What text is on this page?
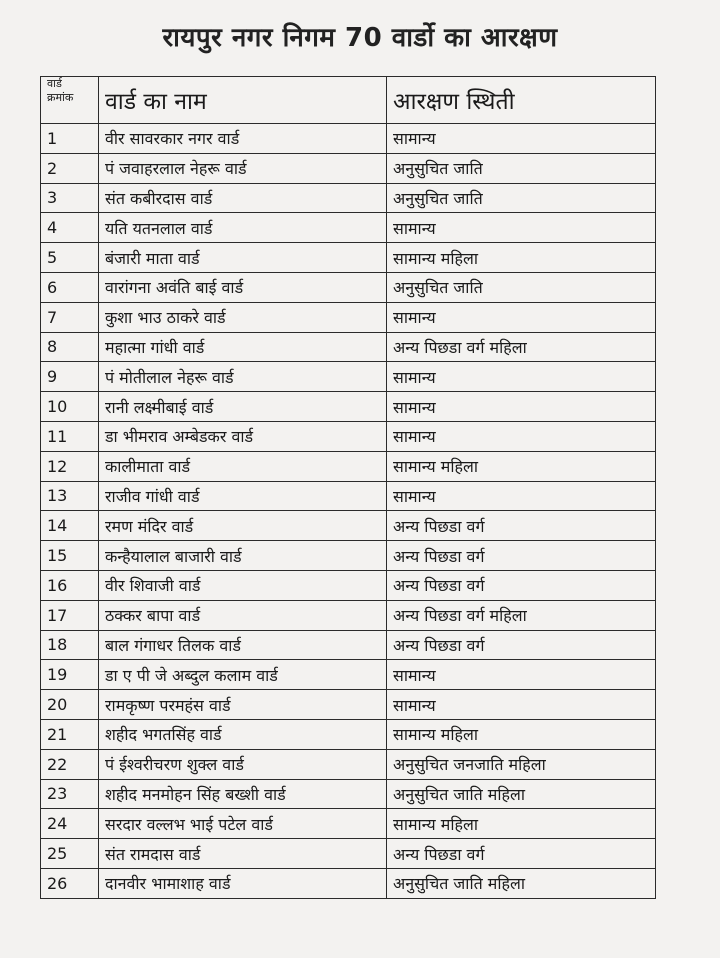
रायपुर नगर निगम 70 वार्डो का आरक्षण
वार्ड
क्रमांक	वार्ड का नाम	आरक्षण स्थिती
1	वीर सावरकार नगर वार्ड	सामान्य
2	पं जवाहरलाल नेहरू वार्ड	अनुसुचित जाति
3	संत कबीरदास वार्ड	अनुसुचित जाति
4	यति यतनलाल वार्ड	सामान्य
5	बंजारी माता वार्ड	सामान्य महिला
6	वारांगना अवंति बाई वार्ड	अनुसुचित जाति
7	कुशा भाउ ठाकरे वार्ड	सामान्य
8	महात्मा गांधी वार्ड	अन्य पिछडा वर्ग महिला
9	पं मोतीलाल नेहरू वार्ड	सामान्य
10	रानी लक्ष्मीबाई वार्ड	सामान्य
11	डा भीमराव अम्बेडकर वार्ड	सामान्य
12	कालीमाता वार्ड	सामान्य महिला
13	राजीव गांधी वार्ड	सामान्य
14	रमण मंदिर वार्ड	अन्य पिछडा वर्ग
15	कन्हैयालाल बाजारी वार्ड	अन्य पिछडा वर्ग
16	वीर शिवाजी वार्ड	अन्य पिछडा वर्ग
17	ठक्कर बापा वार्ड	अन्य पिछडा वर्ग महिला
18	बाल गंगाधर तिलक वार्ड	अन्य पिछडा वर्ग
19	डा ए पी जे अब्दुल कलाम वार्ड	सामान्य
20	रामकृष्ण परमहंस वार्ड	सामान्य
21	शहीद भगतसिंह वार्ड	सामान्य महिला
22	पं ईश्वरीचरण शुक्ल वार्ड	अनुसुचित जनजाति महिला
23	शहीद मनमोहन सिंह बख्शी वार्ड	अनुसुचित जाति महिला
24	सरदार वल्लभ भाई पटेल वार्ड	सामान्य महिला
25	संत रामदास वार्ड	अन्य पिछडा वर्ग
26	दानवीर भामाशाह वार्ड	अनुसुचित जाति महिला
